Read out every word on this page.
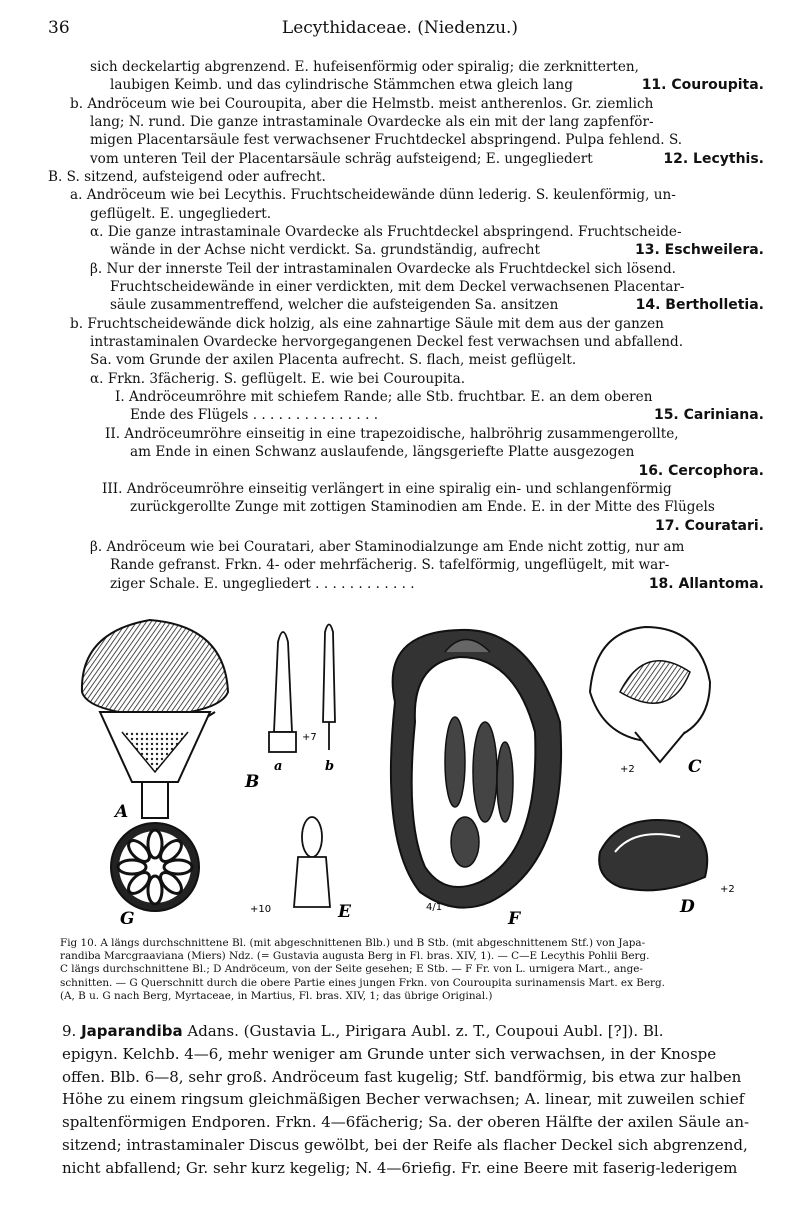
36	Lecythidaceae. (Niedenzu.)
sich deckelartig abgrenzend. E. hufeisenförmig oder spiralig; die zerknitterten,
laubigen Keimb. und das cylindrische Stämmchen etwa gleich lang	11. Couroupita.
b. Andröceum wie bei Couroupita, aber die Helmstb. meist antherenlos. Gr. ziemlich
lang; N. rund. Die ganze intrastaminale Ovardecke als ein mit der lang zapfenför-
migen Placentarsäule fest verwachsener Fruchtdeckel abspringend. Pulpa fehlend. S.
vom unteren Teil der Placentarsäule schräg aufsteigend; E. ungegliedert	12. Lecythis.
B. S. sitzend, aufsteigend oder aufrecht.
a. Andröceum wie bei Lecythis. Fruchtscheidewände dünn lederig. S. keulenförmig, un-
geflügelt. E. ungegliedert.
α. Die ganze intrastaminale Ovardecke als Fruchtdeckel abspringend. Fruchtscheide-
wände in der Achse nicht verdickt. Sa. grundständig, aufrecht	13. Eschweilera.
β. Nur der innerste Teil der intrastaminalen Ovardecke als Fruchtdeckel sich lösend.
Fruchtscheidewände in einer verdickten, mit dem Deckel verwachsenen Placentar-
säule zusammentreffend, welcher die aufsteigenden Sa. ansitzen	14. Bertholletia.
b. Fruchtscheidewände dick holzig, als eine zahnartige Säule mit dem aus der ganzen
intrastaminalen Ovardecke hervorgegangenen Deckel fest verwachsen und abfallend.
Sa. vom Grunde der axilen Placenta aufrecht. S. flach, meist geflügelt.
α. Frkn. 3fächerig. S. geflügelt. E. wie bei Couroupita.
I. Andröceumröhre mit schiefem Rande; alle Stb. fruchtbar. E. an dem oberen
Ende des Flügels . . . . . . . . . . . . . . .	15. Cariniana.
II. Andröceumröhre einseitig in eine trapezoidische, halbröhrig zusammengerollte,
am Ende in einen Schwanz auslaufende, längsgeriefte Platte ausgezogen
16. Cercophora.
III. Andröceumröhre einseitig verlängert in eine spiralig ein- und schlangenförmig
zurückgerollte Zunge mit zottigen Staminodien am Ende. E. in der Mitte des Flügels
17. Couratari.
β. Andröceum wie bei Couratari, aber Staminodialzunge am Ende nicht zottig, nur am
Rande gefranst. Frkn. 4- oder mehrfächerig. S. tafelförmig, ungeflügelt, mit war-
ziger Schale. E. ungegliedert . . . . . . . . . . . .	18. Allantoma.
A
B
a	b
+7
G	+10	E	4/1
F
+2	C
+2
D
Fig 10. A längs durchschnittene Bl. (mit abgeschnittenen Blb.) und B Stb. (mit abgeschnittenem Stf.) von Japa-
randiba Marcgraaviana (Miers) Ndz. (= Gustavia augusta Berg in Fl. bras. XIV, 1). — C—E Lecythis Pohlii Berg.
C längs durchschnittene Bl.; D Andröceum, von der Seite gesehen; E Stb. — F Fr. von L. urnigera Mart., ange-
schnitten. — G Querschnitt durch die obere Partie eines jungen Frkn. von Couroupita surinamensis Mart. ex Berg.
(A, B u. G nach Berg, Myrtaceae, in Martius, Fl. bras. XIV, 1; das übrige Original.)
9. Japarandiba Adans. (Gustavia L., Pirigara Aubl. z. T., Coupoui Aubl. [?]). Bl.
epigyn. Kelchb. 4—6, mehr weniger am Grunde unter sich verwachsen, in der Knospe
offen. Blb. 6—8, sehr groß. Andröceum fast kugelig; Stf. bandförmig, bis etwa zur halben
Höhe zu einem ringsum gleichmäßigen Becher verwachsen; A. linear, mit zuweilen schief
spaltenförmigen Endporen. Frkn. 4—6fächerig; Sa. der oberen Hälfte der axilen Säule an-
sitzend; intrastaminaler Discus gewölbt, bei der Reife als flacher Deckel sich abgrenzend,
nicht abfallend; Gr. sehr kurz kegelig; N. 4—6riefig. Fr. eine Beere mit faserig-lederigem
